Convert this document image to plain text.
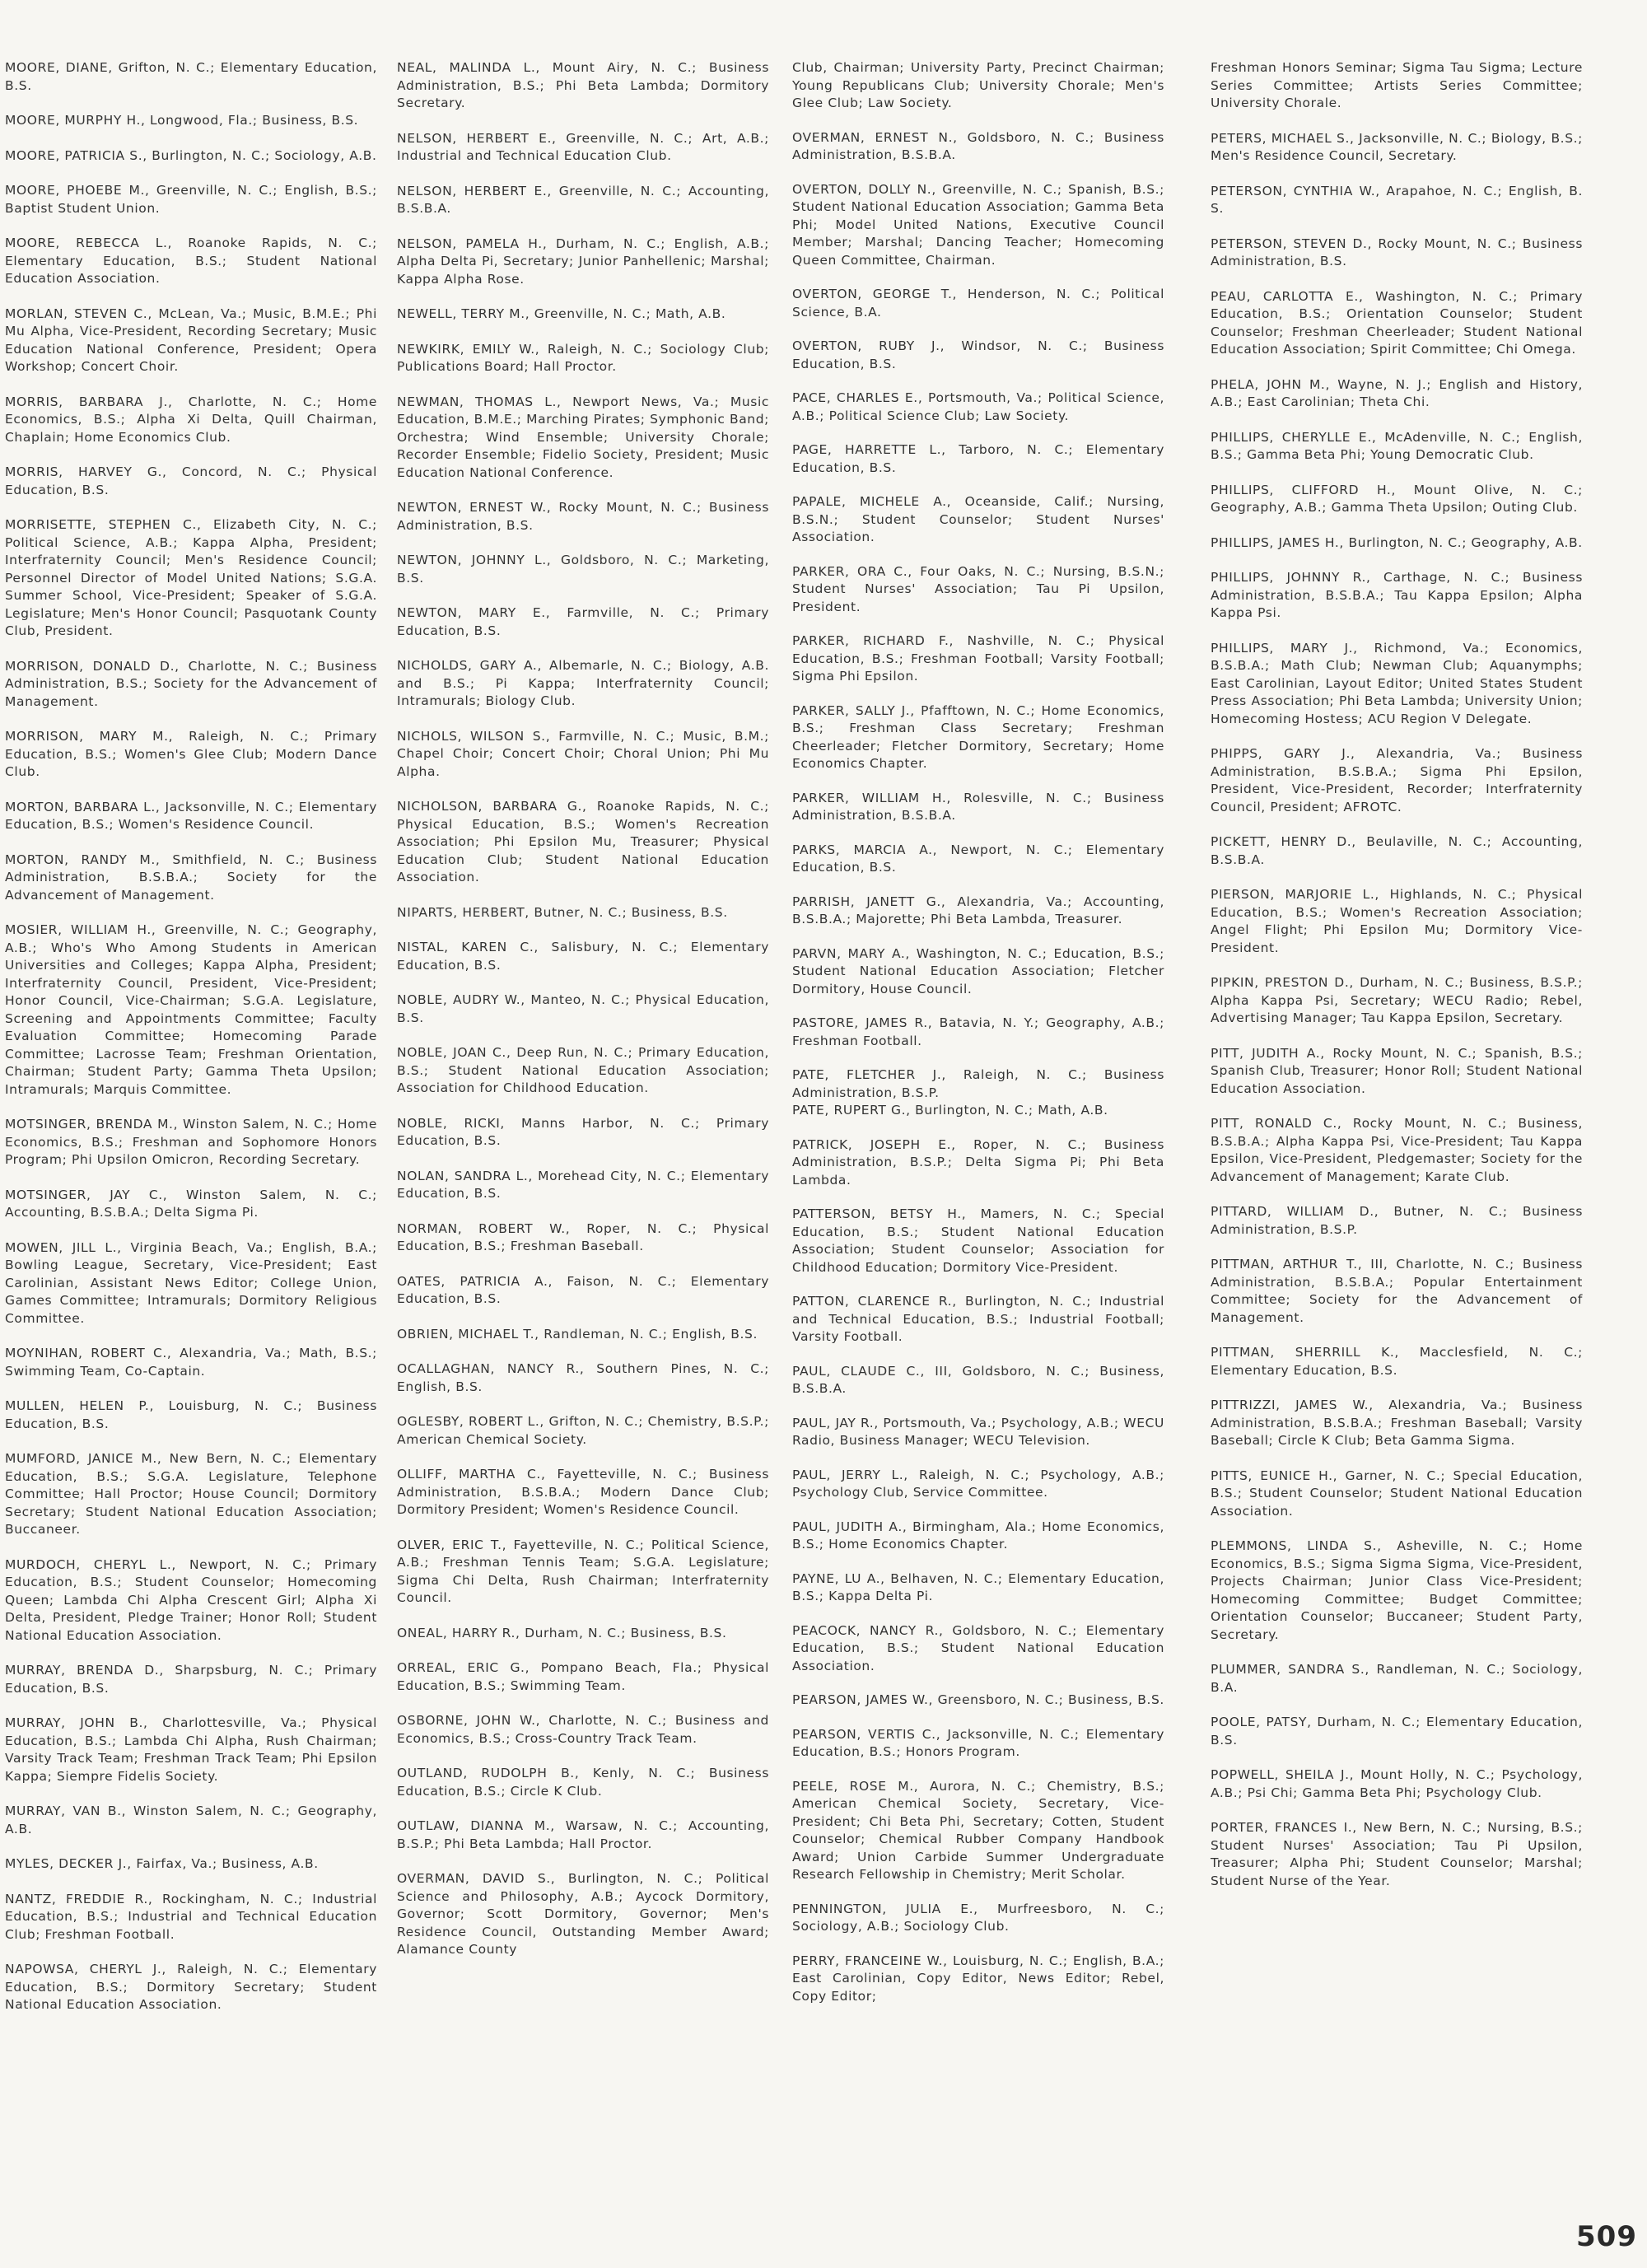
MOORE, DIANE, Grifton, N. C.; Elementary Education, B.S.

MOORE, MURPHY H., Longwood, Fla.; Business, B.S.

MOORE, PATRICIA S., Burlington, N. C.; Sociology, A.B.

MOORE, PHOEBE M., Greenville, N. C.; English, B.S.; Baptist Student Union.

MOORE, REBECCA L., Roanoke Rapids, N. C.; Elementary Education, B.S.; Student National Education Association.

MORLAN, STEVEN C., McLean, Va.; Music, B.M.E.; Phi Mu Alpha, Vice-President, Recording Secretary; Music Education National Conference, President; Opera Workshop; Concert Choir.

MORRIS, BARBARA J., Charlotte, N. C.; Home Economics, B.S.; Alpha Xi Delta, Quill Chairman, Chaplain; Home Economics Club.

MORRIS, HARVEY G., Concord, N. C.; Physical Education, B.S.

MORRISETTE, STEPHEN C., Elizabeth City, N. C.; Political Science, A.B.; Kappa Alpha, President; Interfraternity Council; Men's Residence Council; Personnel Director of Model United Nations; S.G.A. Summer School, Vice-President; Speaker of S.G.A. Legislature; Men's Honor Council; Pasquotank County Club, President.

MORRISON, DONALD D., Charlotte, N. C.; Business Administration, B.S.; Society for the Advancement of Management.

MORRISON, MARY M., Raleigh, N. C.; Primary Education, B.S.; Women's Glee Club; Modern Dance Club.

MORTON, BARBARA L., Jacksonville, N. C.; Elementary Education, B.S.; Women's Residence Council.

MORTON, RANDY M., Smithfield, N. C.; Business Administration, B.S.B.A.; Society for the Advancement of Management.

MOSIER, WILLIAM H., Greenville, N. C.; Geography, A.B.; Who's Who Among Students in American Universities and Colleges; Kappa Alpha, President; Interfraternity Council, President, Vice-President; Honor Council, Vice-Chairman; S.G.A. Legislature, Screening and Appointments Committee; Faculty Evaluation Committee; Homecoming Parade Committee; Lacrosse Team; Freshman Orientation, Chairman; Student Party; Gamma Theta Upsilon; Intramurals; Marquis Committee.

MOTSINGER, BRENDA M., Winston Salem, N. C.; Home Economics, B.S.; Freshman and Sophomore Honors Program; Phi Upsilon Omicron, Recording Secretary.

MOTSINGER, JAY C., Winston Salem, N. C.; Accounting, B.S.B.A.; Delta Sigma Pi.

MOWEN, JILL L., Virginia Beach, Va.; English, B.A.; Bowling League, Secretary, Vice-President; East Carolinian, Assistant News Editor; College Union, Games Committee; Intramurals; Dormitory Religious Committee.

MOYNIHAN, ROBERT C., Alexandria, Va.; Math, B.S.; Swimming Team, Co-Captain.

MULLEN, HELEN P., Louisburg, N. C.; Business Education, B.S.

MUMFORD, JANICE M., New Bern, N. C.; Elementary Education, B.S.; S.G.A. Legislature, Telephone Committee; Hall Proctor; House Council; Dormitory Secretary; Student National Education Association; Buccaneer.

MURDOCH, CHERYL L., Newport, N. C.; Primary Education, B.S.; Student Counselor; Homecoming Queen; Lambda Chi Alpha Crescent Girl; Alpha Xi Delta, President, Pledge Trainer; Honor Roll; Student National Education Association.

MURRAY, BRENDA D., Sharpsburg, N. C.; Primary Education, B.S.

MURRAY, JOHN B., Charlottesville, Va.; Physical Education, B.S.; Lambda Chi Alpha, Rush Chairman; Varsity Track Team; Freshman Track Team; Phi Epsilon Kappa; Siempre Fidelis Society.

MURRAY, VAN B., Winston Salem, N. C.; Geography, A.B.

MYLES, DECKER J., Fairfax, Va.; Business, A.B.

NANTZ, FREDDIE R., Rockingham, N. C.; Industrial Education, B.S.; Industrial and Technical Education Club; Freshman Football.

NAPOWSA, CHERYL J., Raleigh, N. C.; Elementary Education, B.S.; Dormitory Secretary; Student National Education Association.

NEAL, MALINDA L., Mount Airy, N. C.; Business Administration, B.S.; Phi Beta Lambda; Dormitory Secretary.

NELSON, HERBERT E., Greenville, N. C.; Art, A.B.; Industrial and Technical Education Club.

NELSON, HERBERT E., Greenville, N. C.; Accounting, B.S.B.A.

NELSON, PAMELA H., Durham, N. C.; English, A.B.; Alpha Delta Pi, Secretary; Junior Panhellenic; Marshal; Kappa Alpha Rose.

NEWELL, TERRY M., Greenville, N. C.; Math, A.B.

NEWKIRK, EMILY W., Raleigh, N. C.; Sociology Club; Publications Board; Hall Proctor.

NEWMAN, THOMAS L., Newport News, Va.; Music Education, B.M.E.; Marching Pirates; Symphonic Band; Orchestra; Wind Ensemble; University Chorale; Recorder Ensemble; Fidelio Society, President; Music Education National Conference.

NEWTON, ERNEST W., Rocky Mount, N. C.; Business Administration, B.S.

NEWTON, JOHNNY L., Goldsboro, N. C.; Marketing, B.S.

NEWTON, MARY E., Farmville, N. C.; Primary Education, B.S.

NICHOLDS, GARY A., Albemarle, N. C.; Biology, A.B. and B.S.; Pi Kappa; Interfraternity Council; Intramurals; Biology Club.

NICHOLS, WILSON S., Farmville, N. C.; Music, B.M.; Chapel Choir; Concert Choir; Choral Union; Phi Mu Alpha.

NICHOLSON, BARBARA G., Roanoke Rapids, N. C.; Physical Education, B.S.; Women's Recreation Association; Phi Epsilon Mu, Treasurer; Physical Education Club; Student National Education Association.

NIPARTS, HERBERT, Butner, N. C.; Business, B.S.

NISTAL, KAREN C., Salisbury, N. C.; Elementary Education, B.S.

NOBLE, AUDRY W., Manteo, N. C.; Physical Education, B.S.

NOBLE, JOAN C., Deep Run, N. C.; Primary Education, B.S.; Student National Education Association; Association for Childhood Education.

NOBLE, RICKI, Manns Harbor, N. C.; Primary Education, B.S.

NOLAN, SANDRA L., Morehead City, N. C.; Elementary Education, B.S.

NORMAN, ROBERT W., Roper, N. C.; Physical Education, B.S.; Freshman Baseball.

OATES, PATRICIA A., Faison, N. C.; Elementary Education, B.S.

OBRIEN, MICHAEL T., Randleman, N. C.; English, B.S.

OCALLAGHAN, NANCY R., Southern Pines, N. C.; English, B.S.

OGLESBY, ROBERT L., Grifton, N. C.; Chemistry, B.S.P.; American Chemical Society.

OLLIFF, MARTHA C., Fayetteville, N. C.; Business Administration, B.S.B.A.; Modern Dance Club; Dormitory President; Women's Residence Council.

OLVER, ERIC T., Fayetteville, N. C.; Political Science, A.B.; Freshman Tennis Team; S.G.A. Legislature; Sigma Chi Delta, Rush Chairman; Interfraternity Council.

ONEAL, HARRY R., Durham, N. C.; Business, B.S.

ORREAL, ERIC G., Pompano Beach, Fla.; Physical Education, B.S.; Swimming Team.

OSBORNE, JOHN W., Charlotte, N. C.; Business and Economics, B.S.; Cross-Country Track Team.

OUTLAND, RUDOLPH B., Kenly, N. C.; Business Education, B.S.; Circle K Club.

OUTLAW, DIANNA M., Warsaw, N. C.; Accounting, B.S.P.; Phi Beta Lambda; Hall Proctor.

OVERMAN, DAVID S., Burlington, N. C.; Political Science and Philosophy, A.B.; Aycock Dormitory, Governor; Scott Dormitory, Governor; Men's Residence Council, Outstanding Member Award; Alamance County

Club, Chairman; University Party, Precinct Chairman; Young Republicans Club; University Chorale; Men's Glee Club; Law Society.

OVERMAN, ERNEST N., Goldsboro, N. C.; Business Administration, B.S.B.A.

OVERTON, DOLLY N., Greenville, N. C.; Spanish, B.S.; Student National Education Association; Gamma Beta Phi; Model United Nations, Executive Council Member; Marshal; Dancing Teacher; Homecoming Queen Committee, Chairman.

OVERTON, GEORGE T., Henderson, N. C.; Political Science, B.A.

OVERTON, RUBY J., Windsor, N. C.; Business Education, B.S.

PACE, CHARLES E., Portsmouth, Va.; Political Science, A.B.; Political Science Club; Law Society.

PAGE, HARRETTE L., Tarboro, N. C.; Elementary Education, B.S.

PAPALE, MICHELE A., Oceanside, Calif.; Nursing, B.S.N.; Student Counselor; Student Nurses' Association.

PARKER, ORA C., Four Oaks, N. C.; Nursing, B.S.N.; Student Nurses' Association; Tau Pi Upsilon, President.

PARKER, RICHARD F., Nashville, N. C.; Physical Education, B.S.; Freshman Football; Varsity Football; Sigma Phi Epsilon.

PARKER, SALLY J., Pfafftown, N. C.; Home Economics, B.S.; Freshman Class Secretary; Freshman Cheerleader; Fletcher Dormitory, Secretary; Home Economics Chapter.

PARKER, WILLIAM H., Rolesville, N. C.; Business Administration, B.S.B.A.

PARKS, MARCIA A., Newport, N. C.; Elementary Education, B.S.

PARRISH, JANETT G., Alexandria, Va.; Accounting, B.S.B.A.; Majorette; Phi Beta Lambda, Treasurer.

PARVN, MARY A., Washington, N. C.; Education, B.S.; Student National Education Association; Fletcher Dormitory, House Council.

PASTORE, JAMES R., Batavia, N. Y.; Geography, A.B.; Freshman Football.

PATE, FLETCHER J., Raleigh, N. C.; Business Administration, B.S.P.
PATE, RUPERT G., Burlington, N. C.; Math, A.B.

PATRICK, JOSEPH E., Roper, N. C.; Business Administration, B.S.P.; Delta Sigma Pi; Phi Beta Lambda.

PATTERSON, BETSY H., Mamers, N. C.; Special Education, B.S.; Student National Education Association; Student Counselor; Association for Childhood Education; Dormitory Vice-President.

PATTON, CLARENCE R., Burlington, N. C.; Industrial and Technical Education, B.S.; Industrial Football; Varsity Football.

PAUL, CLAUDE C., III, Goldsboro, N. C.; Business, B.S.B.A.

PAUL, JAY R., Portsmouth, Va.; Psychology, A.B.; WECU Radio, Business Manager; WECU Television.

PAUL, JERRY L., Raleigh, N. C.; Psychology, A.B.; Psychology Club, Service Committee.

PAUL, JUDITH A., Birmingham, Ala.; Home Economics, B.S.; Home Economics Chapter.

PAYNE, LU A., Belhaven, N. C.; Elementary Education, B.S.; Kappa Delta Pi.

PEACOCK, NANCY R., Goldsboro, N. C.; Elementary Education, B.S.; Student National Education Association.

PEARSON, JAMES W., Greensboro, N. C.; Business, B.S.

PEARSON, VERTIS C., Jacksonville, N. C.; Elementary Education, B.S.; Honors Program.

PEELE, ROSE M., Aurora, N. C.; Chemistry, B.S.; American Chemical Society, Secretary, Vice-President; Chi Beta Phi, Secretary; Cotten, Student Counselor; Chemical Rubber Company Handbook Award; Union Carbide Summer Undergraduate Research Fellowship in Chemistry; Merit Scholar.

PENNINGTON, JULIA E., Murfreesboro, N. C.; Sociology, A.B.; Sociology Club.

PERRY, FRANCEINE W., Louisburg, N. C.; English, B.A.; East Carolinian, Copy Editor, News Editor; Rebel, Copy Editor;

Freshman Honors Seminar; Sigma Tau Sigma; Lecture Series Committee; Artists Series Committee; University Chorale.

PETERS, MICHAEL S., Jacksonville, N. C.; Biology, B.S.; Men's Residence Council, Secretary.

PETERSON, CYNTHIA W., Arapahoe, N. C.; English, B. S.

PETERSON, STEVEN D., Rocky Mount, N. C.; Business Administration, B.S.

PEAU, CARLOTTA E., Washington, N. C.; Primary Education, B.S.; Orientation Counselor; Student Counselor; Freshman Cheerleader; Student National Education Association; Spirit Committee; Chi Omega.

PHELA, JOHN M., Wayne, N. J.; English and History, A.B.; East Carolinian; Theta Chi.

PHILLIPS, CHERYLLE E., McAdenville, N. C.; English, B.S.; Gamma Beta Phi; Young Democratic Club.

PHILLIPS, CLIFFORD H., Mount Olive, N. C.; Geography, A.B.; Gamma Theta Upsilon; Outing Club.

PHILLIPS, JAMES H., Burlington, N. C.; Geography, A.B.

PHILLIPS, JOHNNY R., Carthage, N. C.; Business Administration, B.S.B.A.; Tau Kappa Epsilon; Alpha Kappa Psi.

PHILLIPS, MARY J., Richmond, Va.; Economics, B.S.B.A.; Math Club; Newman Club; Aquanymphs; East Carolinian, Layout Editor; United States Student Press Association; Phi Beta Lambda; University Union; Homecoming Hostess; ACU Region V Delegate.

PHIPPS, GARY J., Alexandria, Va.; Business Administration, B.S.B.A.; Sigma Phi Epsilon, President, Vice-President, Recorder; Interfraternity Council, President; AFROTC.

PICKETT, HENRY D., Beulaville, N. C.; Accounting, B.S.B.A.

PIERSON, MARJORIE L., Highlands, N. C.; Physical Education, B.S.; Women's Recreation Association; Angel Flight; Phi Epsilon Mu; Dormitory Vice-President.

PIPKIN, PRESTON D., Durham, N. C.; Business, B.S.P.; Alpha Kappa Psi, Secretary; WECU Radio; Rebel, Advertising Manager; Tau Kappa Epsilon, Secretary.

PITT, JUDITH A., Rocky Mount, N. C.; Spanish, B.S.; Spanish Club, Treasurer; Honor Roll; Student National Education Association.

PITT, RONALD C., Rocky Mount, N. C.; Business, B.S.B.A.; Alpha Kappa Psi, Vice-President; Tau Kappa Epsilon, Vice-President, Pledgemaster; Society for the Advancement of Management; Karate Club.

PITTARD, WILLIAM D., Butner, N. C.; Business Administration, B.S.P.

PITTMAN, ARTHUR T., III, Charlotte, N. C.; Business Administration, B.S.B.A.; Popular Entertainment Committee; Society for the Advancement of Management.

PITTMAN, SHERRILL K., Macclesfield, N. C.; Elementary Education, B.S.

PITTRIZZI, JAMES W., Alexandria, Va.; Business Administration, B.S.B.A.; Freshman Baseball; Varsity Baseball; Circle K Club; Beta Gamma Sigma.

PITTS, EUNICE H., Garner, N. C.; Special Education, B.S.; Student Counselor; Student National Education Association.

PLEMMONS, LINDA S., Asheville, N. C.; Home Economics, B.S.; Sigma Sigma Sigma, Vice-President, Projects Chairman; Junior Class Vice-President; Homecoming Committee; Budget Committee; Orientation Counselor; Buccaneer; Student Party, Secretary.

PLUMMER, SANDRA S., Randleman, N. C.; Sociology, B.A.

POOLE, PATSY, Durham, N. C.; Elementary Education, B.S.

POPWELL, SHEILA J., Mount Holly, N. C.; Psychology, A.B.; Psi Chi; Gamma Beta Phi; Psychology Club.

PORTER, FRANCES I., New Bern, N. C.; Nursing, B.S.; Student Nurses' Association; Tau Pi Upsilon, Treasurer; Alpha Phi; Student Counselor; Marshal; Student Nurse of the Year.

509
